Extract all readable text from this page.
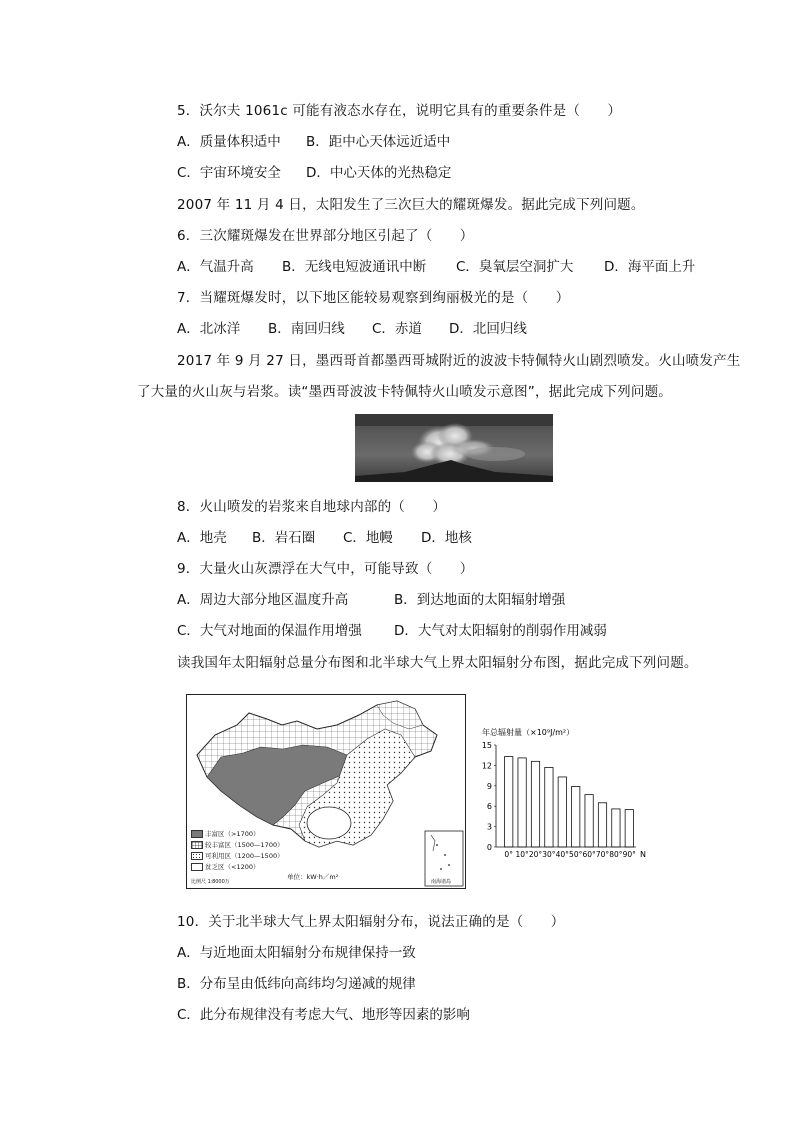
5．沃尔夫 1061c 可能有液态水存在，说明它具有的重要条件是（　　）
A．质量体积适中 B．距中心天体远近适中
C．宇宙环境安全 D．中心天体的光热稳定
2007 年 11 月 4 日，太阳发生了三次巨大的耀斑爆发。据此完成下列问题。
6．三次耀斑爆发在世界部分地区引起了（　　）
A．气温升高 B．无线电短波通讯中断 C．臭氧层空洞扩大 D．海平面上升
7．当耀斑爆发时，以下地区能较易观察到绚丽极光的是（　　）
A．北冰洋 B．南回归线 C．赤道 D．北回归线
2017 年 9 月 27 日，墨西哥首都墨西哥城附近的波波卡特佩特火山剧烈喷发。火山喷发产生
了大量的火山灰与岩浆。读“墨西哥波波卡特佩特火山喷发示意图”，据此完成下列问题。
8．火山喷发的岩浆来自地球内部的（　　）
A．地壳 B．岩石圈 C．地幔 D．地核
9．大量火山灰漂浮在大气中，可能导致（　　）
A．周边大部分地区温度升高	B．到达地面的太阳辐射增强
C．大气对地面的保温作用增强 D．大气对太阳辐射的削弱作用减弱
读我国年太阳辐射总量分布图和北半球大气上界太阳辐射分布图，据此完成下列问题。
丰富区（>1700）
较丰富区（1500—1700）
可利用区（1200—1500）
贫乏区（<1200）
比例尺 1∶8000万
单位：kW·h／m²
南海诸岛
年总辐射量（×10⁹J/m²）
0
3
6
9
12
15
0° 10° 20° 30° 40° 50° 60° 70° 80° 90° N
10．关于北半球大气上界太阳辐射分布，说法正确的是（　　）
A．与近地面太阳辐射分布规律保持一致
B．分布呈由低纬向高纬均匀递减的规律
C．此分布规律没有考虑大气、地形等因素的影响
